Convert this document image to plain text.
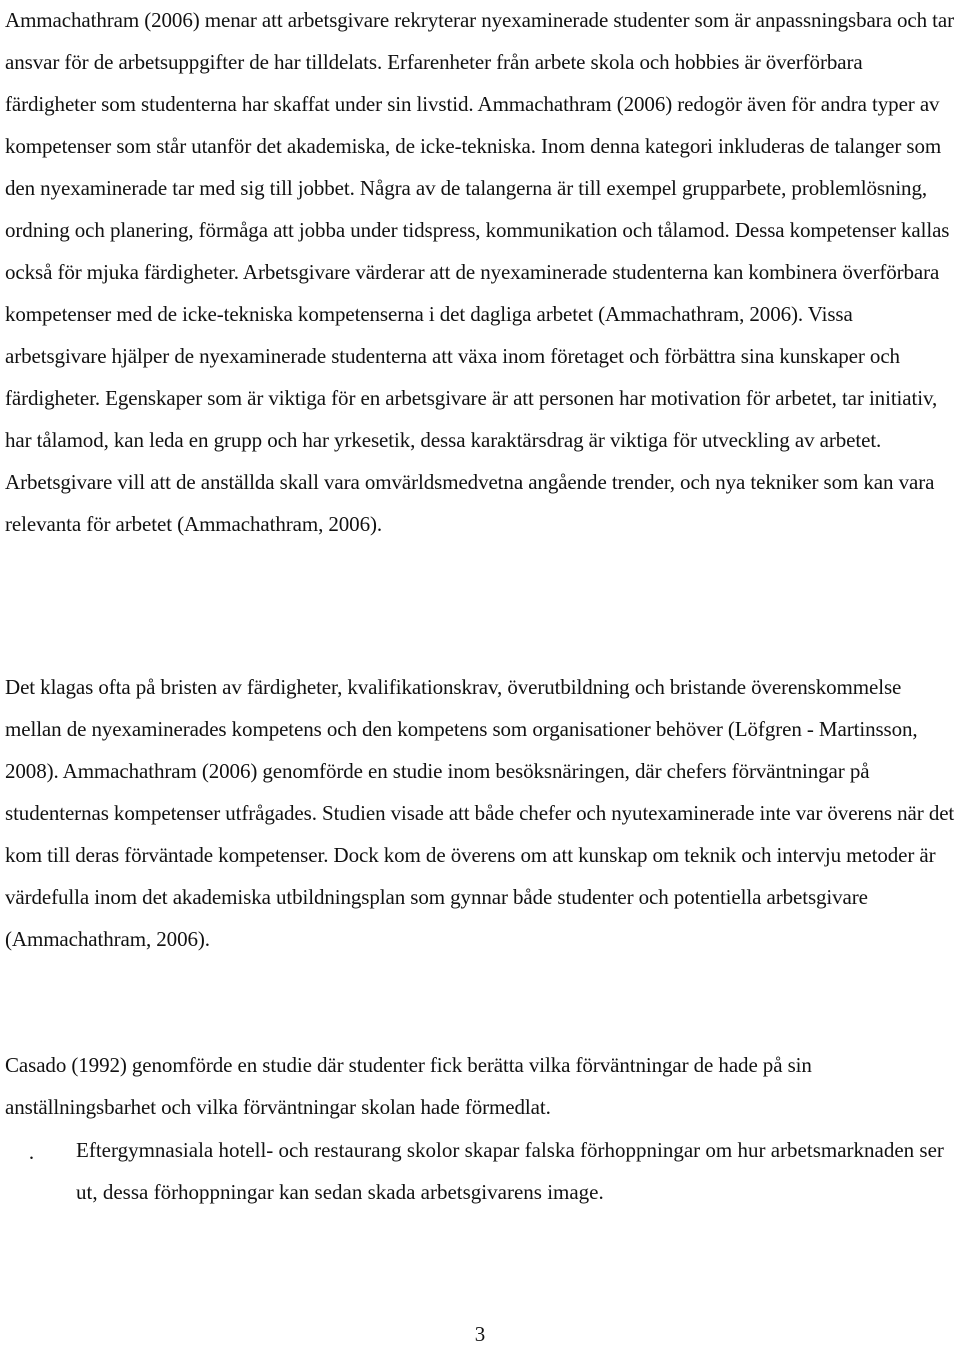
Ammachathram (2006) menar att arbetsgivare rekryterar nyexaminerade studenter som är anpassningsbara och tar ansvar för de arbetsuppgifter de har tilldelats. Erfarenheter från arbete skola och hobbies är överförbara färdigheter som studenterna har skaffat under sin livstid. Ammachathram (2006) redogör även för andra typer av kompetenser som står utanför det akademiska, de icke-tekniska. Inom denna kategori inkluderas de talanger som den nyexaminerade tar med sig till jobbet. Några av de talangerna är till exempel grupparbete, problemlösning, ordning och planering, förmåga att jobba under tidspress, kommunikation och tålamod. Dessa kompetenser kallas också för mjuka färdigheter. Arbetsgivare värderar att de nyexaminerade studenterna kan kombinera överförbara kompetenser med de icke-tekniska kompetenserna i det dagliga arbetet (Ammachathram, 2006). Vissa arbetsgivare hjälper de nyexaminerade studenterna att växa inom företaget och förbättra sina kunskaper och färdigheter. Egenskaper som är viktiga för en arbetsgivare är att personen har motivation för arbetet, tar initiativ, har tålamod, kan leda en grupp och har yrkesetik, dessa karaktärsdrag är viktiga för utveckling av arbetet. Arbetsgivare vill att de anställda skall vara omvärldsmedvetna angående trender, och nya tekniker som kan vara relevanta för arbetet (Ammachathram, 2006).

Det klagas ofta på bristen av färdigheter, kvalifikationskrav, överutbildning och bristande överenskommelse mellan de nyexaminerades kompetens och den kompetens som organisationer behöver (Löfgren - Martinsson, 2008). Ammachathram (2006) genomförde en studie inom besöksnäringen, där chefers förväntningar på studenternas kompetenser utfrågades. Studien visade att både chefer och nyutexaminerade inte var överens när det kom till deras förväntade kompetenser. Dock kom de överens om att kunskap om teknik och intervju metoder är värdefulla inom det akademiska utbildningsplan som gynnar både studenter och potentiella arbetsgivare (Ammachathram, 2006).

Casado (1992) genomförde en studie där studenter fick berätta vilka förväntningar de hade på sin anställningsbarhet och vilka förväntningar skolan hade förmedlat.

· Eftergymnasiala hotell- och restaurang skolor skapar falska förhoppningar om hur arbetsmarknaden ser ut, dessa förhoppningar kan sedan skada arbetsgivarens image.

3
